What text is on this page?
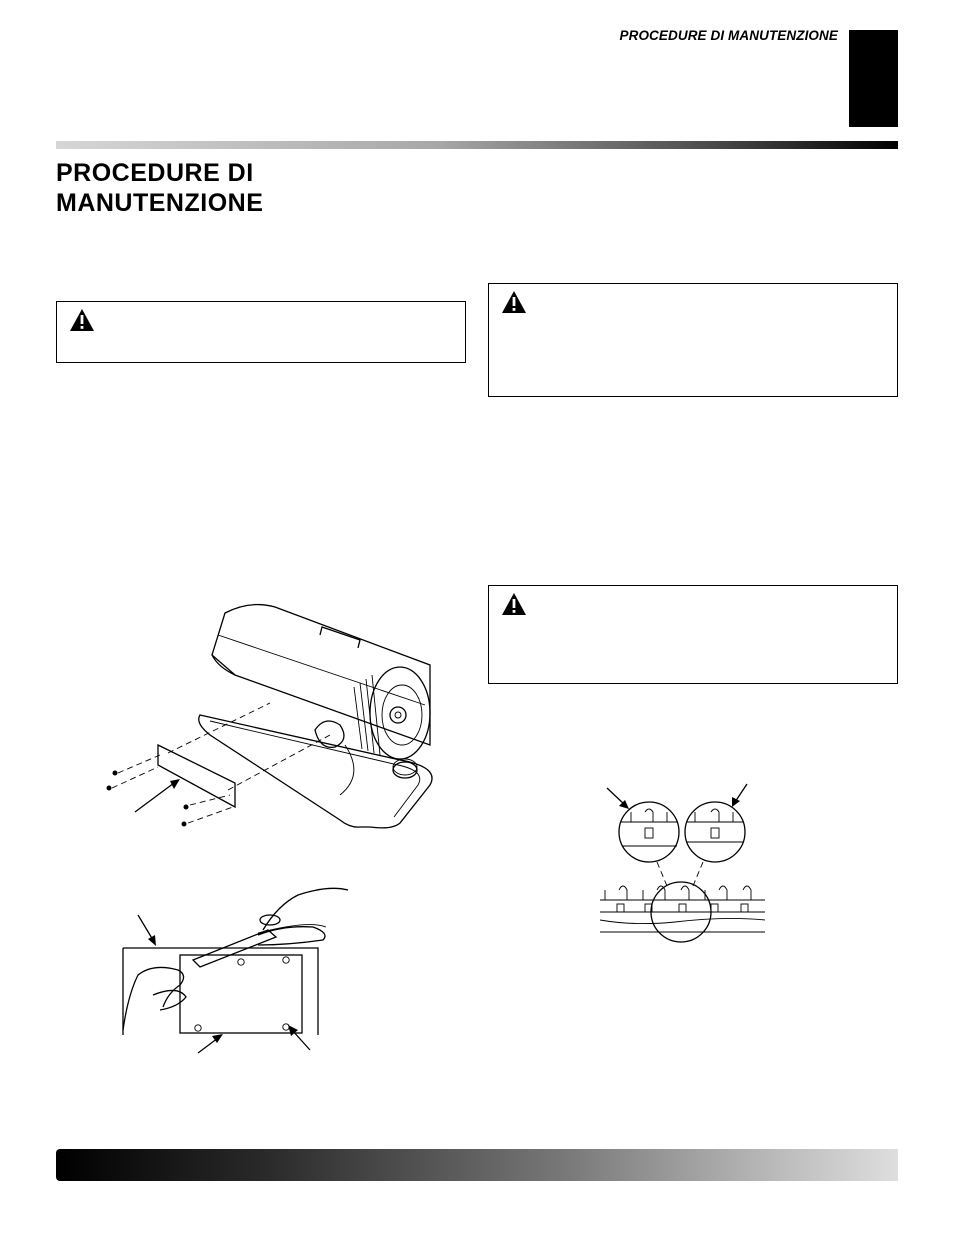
PROCEDURE DI MANUTENZIONE
PROCEDURE DI
MANUTENZIONE
